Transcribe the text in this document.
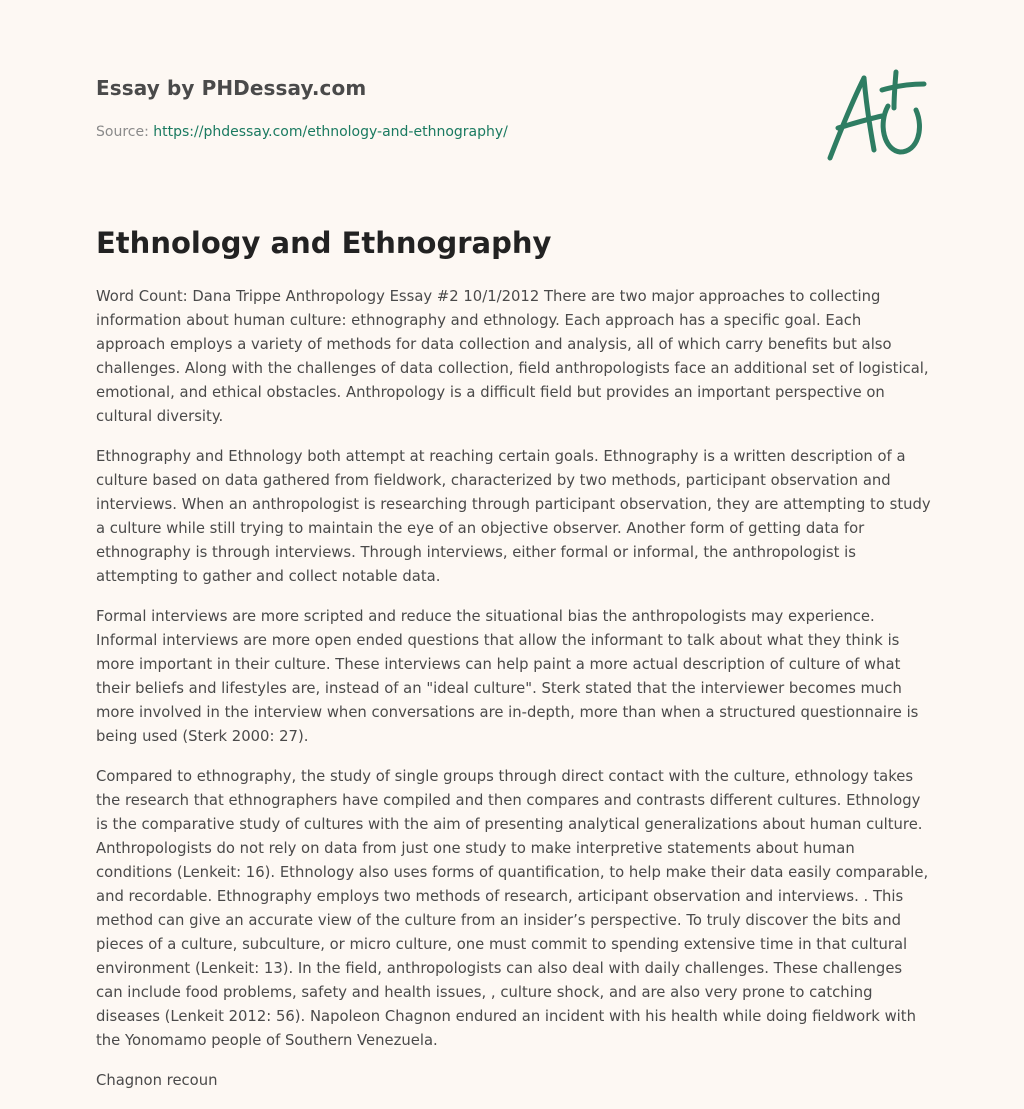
Essay by PHDessay.com
Source: https://phdessay.com/ethnology-and-ethnography/
Ethnology and Ethnography

Word Count: Dana Trippe Anthropology Essay #2 10/1/2012 There are two major approaches to collecting information about human culture: ethnography and ethnology. Each approach has a specific goal. Each approach employs a variety of methods for data collection and analysis, all of which carry benefits but also challenges. Along with the challenges of data collection, field anthropologists face an additional set of logistical, emotional, and ethical obstacles. Anthropology is a difficult field but provides an important perspective on cultural diversity.

Ethnography and Ethnology both attempt at reaching certain goals. Ethnography is a written description of a culture based on data gathered from fieldwork, characterized by two methods, participant observation and interviews. When an anthropologist is researching through participant observation, they are attempting to study a culture while still trying to maintain the eye of an objective observer. Another form of getting data for ethnography is through interviews. Through interviews, either formal or informal, the anthropologist is attempting to gather and collect notable data.

Formal interviews are more scripted and reduce the situational bias the anthropologists may experience. Informal interviews are more open ended questions that allow the informant to talk about what they think is more important in their culture. These interviews can help paint a more actual description of culture of what their beliefs and lifestyles are, instead of an "ideal culture". Sterk stated that the interviewer becomes much more involved in the interview when conversations are in-depth, more than when a structured questionnaire is being used (Sterk 2000: 27).

Compared to ethnography, the study of single groups through direct contact with the culture, ethnology takes the research that ethnographers have compiled and then compares and contrasts different cultures. Ethnology is the comparative study of cultures with the aim of presenting analytical generalizations about human culture. Anthropologists do not rely on data from just one study to make interpretive statements about human conditions (Lenkeit: 16). Ethnology also uses forms of quantification, to help make their data easily comparable, and recordable. Ethnography employs two methods of research, articipant observation and interviews. . This method can give an accurate view of the culture from an insider’s perspective. To truly discover the bits and pieces of a culture, subculture, or micro culture, one must commit to spending extensive time in that cultural environment (Lenkeit: 13). In the field, anthropologists can also deal with daily challenges. These challenges can include food problems, safety and health issues, , culture shock, and are also very prone to catching diseases (Lenkeit 2012: 56). Napoleon Chagnon endured an incident with his health while doing fieldwork with the Yonomamo people of Southern Venezuela.

Chagnon recoun
